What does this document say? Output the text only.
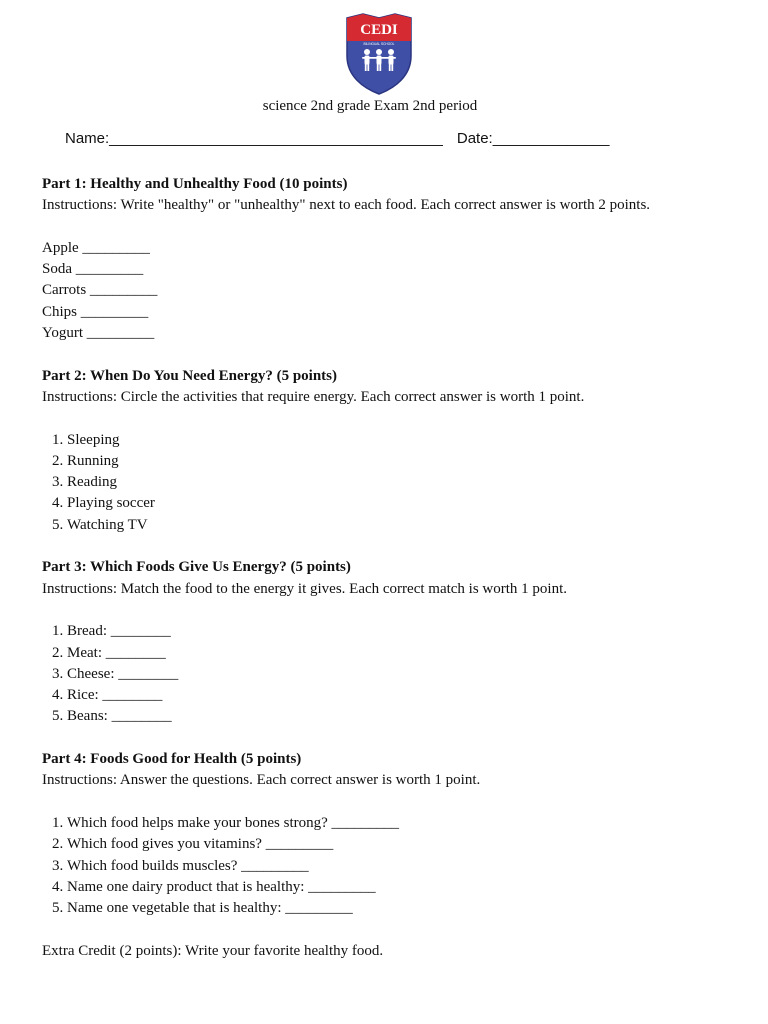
CEDI
BILINGUAL SCHOOL
science 2nd grade Exam 2nd period
Name:________________________________________ Date:______________
Part 1: Healthy and Unhealthy Food (10 points)
Instructions: Write "healthy" or "unhealthy" next to each food. Each correct answer is worth 2 points.
Apple _________
Soda _________
Carrots _________
Chips _________
Yogurt _________
Part 2: When Do You Need Energy? (5 points)
Instructions: Circle the activities that require energy. Each correct answer is worth 1 point.
1. Sleeping
2. Running
3. Reading
4. Playing soccer
5. Watching TV
Part 3: Which Foods Give Us Energy? (5 points)
Instructions: Match the food to the energy it gives. Each correct match is worth 1 point.
1. Bread: ________
2. Meat: ________
3. Cheese: ________
4. Rice: ________
5. Beans: ________
Part 4: Foods Good for Health (5 points)
Instructions: Answer the questions. Each correct answer is worth 1 point.
1. Which food helps make your bones strong? _________
2. Which food gives you vitamins? _________
3. Which food builds muscles? _________
4. Name one dairy product that is healthy: _________
5. Name one vegetable that is healthy: _________
Extra Credit (2 points): Write your favorite healthy food.
